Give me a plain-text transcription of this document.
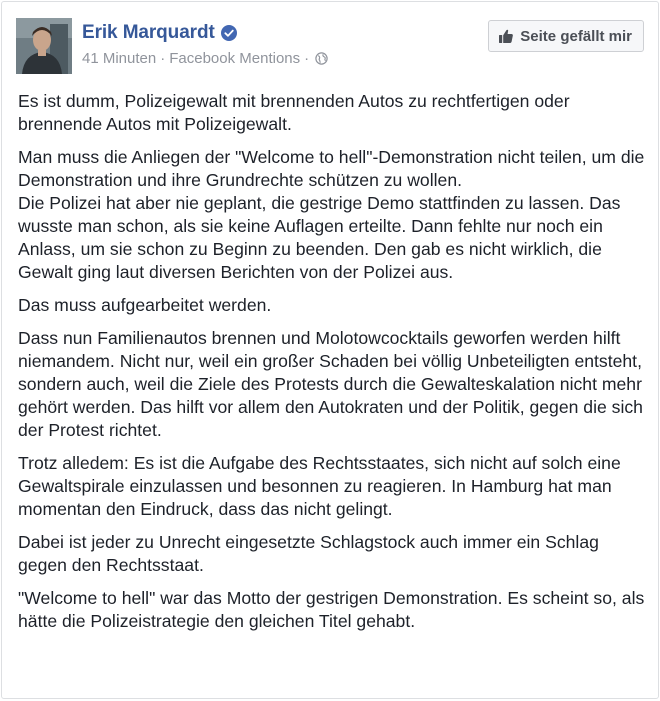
Erik Marquardt
41 Minuten · Facebook Mentions ·
Seite gefällt mir

Es ist dumm, Polizeigewalt mit brennenden Autos zu rechtfertigen oder brennende Autos mit Polizeigewalt.

Man muss die Anliegen der "Welcome to hell"-Demonstration nicht teilen, um die Demonstration und ihre Grundrechte schützen zu wollen.
Die Polizei hat aber nie geplant, die gestrige Demo stattfinden zu lassen. Das wusste man schon, als sie keine Auflagen erteilte. Dann fehlte nur noch ein Anlass, um sie schon zu Beginn zu beenden. Den gab es nicht wirklich, die Gewalt ging laut diversen Berichten von der Polizei aus.

Das muss aufgearbeitet werden.

Dass nun Familienautos brennen und Molotowcocktails geworfen werden hilft niemandem. Nicht nur, weil ein großer Schaden bei völlig Unbeteiligten entsteht, sondern auch, weil die Ziele des Protests durch die Gewalteskalation nicht mehr gehört werden. Das hilft vor allem den Autokraten und der Politik, gegen die sich der Protest richtet.

Trotz alledem: Es ist die Aufgabe des Rechtsstaates, sich nicht auf solch eine Gewaltspirale einzulassen und besonnen zu reagieren. In Hamburg hat man momentan den Eindruck, dass das nicht gelingt.

Dabei ist jeder zu Unrecht eingesetzte Schlagstock auch immer ein Schlag gegen den Rechtsstaat.

"Welcome to hell" war das Motto der gestrigen Demonstration. Es scheint so, als hätte die Polizeistrategie den gleichen Titel gehabt.
